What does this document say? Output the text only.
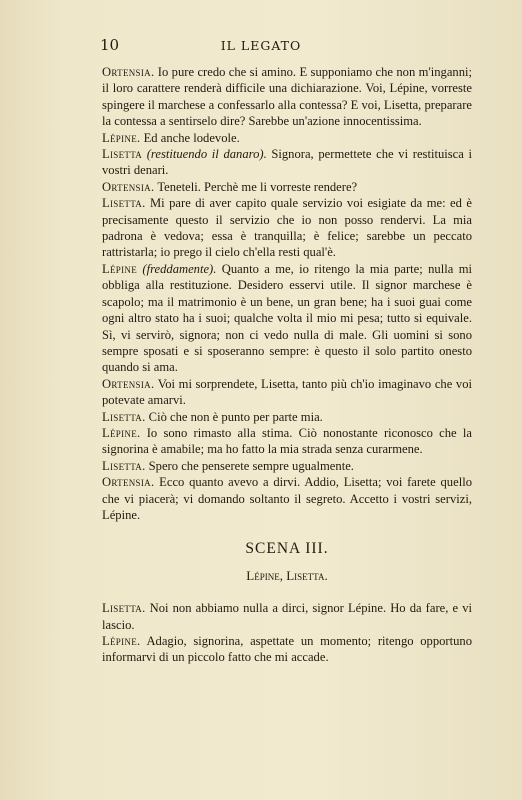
10	IL LEGATO

Ortensia. Io pure credo che si amino. E supponiamo che non m'inganni; il loro carattere renderà difficile una dichiarazione. Voi, Lépine, vorreste spingere il marchese a confessarlo alla contessa? E voi, Lisetta, preparare la contessa a sentirselo dire? Sarebbe un'azione innocentissima.

Lépine. Ed anche lodevole.

Lisetta (restituendo il danaro). Signora, permettete che vi restituisca i vostri denari.

Ortensia. Teneteli. Perchè me li vorreste rendere?

Lisetta. Mi pare di aver capito quale servizio voi esigiate da me: ed è precisamente questo il servizio che io non posso rendervi. La mia padrona è vedova; essa è tranquilla; è felice; sarebbe un peccato rattristarla; io prego il cielo ch'ella resti qual'è.

Lépine (freddamente). Quanto a me, io ritengo la mia parte; nulla mi obbliga alla restituzione. Desidero esservi utile. Il signor marchese è scapolo; ma il matrimonio è un bene, un gran bene; ha i suoi guai come ogni altro stato ha i suoi; qualche volta il mio mi pesa; tutto si equivale. Sì, vi servirò, signora; non ci vedo nulla di male. Gli uomini si sono sempre sposati e si sposeranno sempre: è questo il solo partito onesto quando si ama.

Ortensia. Voi mi sorprendete, Lisetta, tanto più ch'io imaginavo che voi potevate amarvi.

Lisetta. Ciò che non è punto per parte mia.

Lépine. Io sono rimasto alla stima. Ciò nonostante riconosco che la signorina è amabile; ma ho fatto la mia strada senza curarmene.

Lisetta. Spero che penserete sempre ugualmente.

Ortensia. Ecco quanto avevo a dirvi. Addio, Lisetta; voi farete quello che vi piacerà; vi domando soltanto il segreto. Accetto i vostri servizi, Lépine.

SCENA III.
Lépine, Lisetta.

Lisetta. Noi non abbiamo nulla a dirci, signor Lépine. Ho da fare, e vi lascio.

Lépine. Adagio, signorina, aspettate un momento; ritengo opportuno informarvi di un piccolo fatto che mi accade.
